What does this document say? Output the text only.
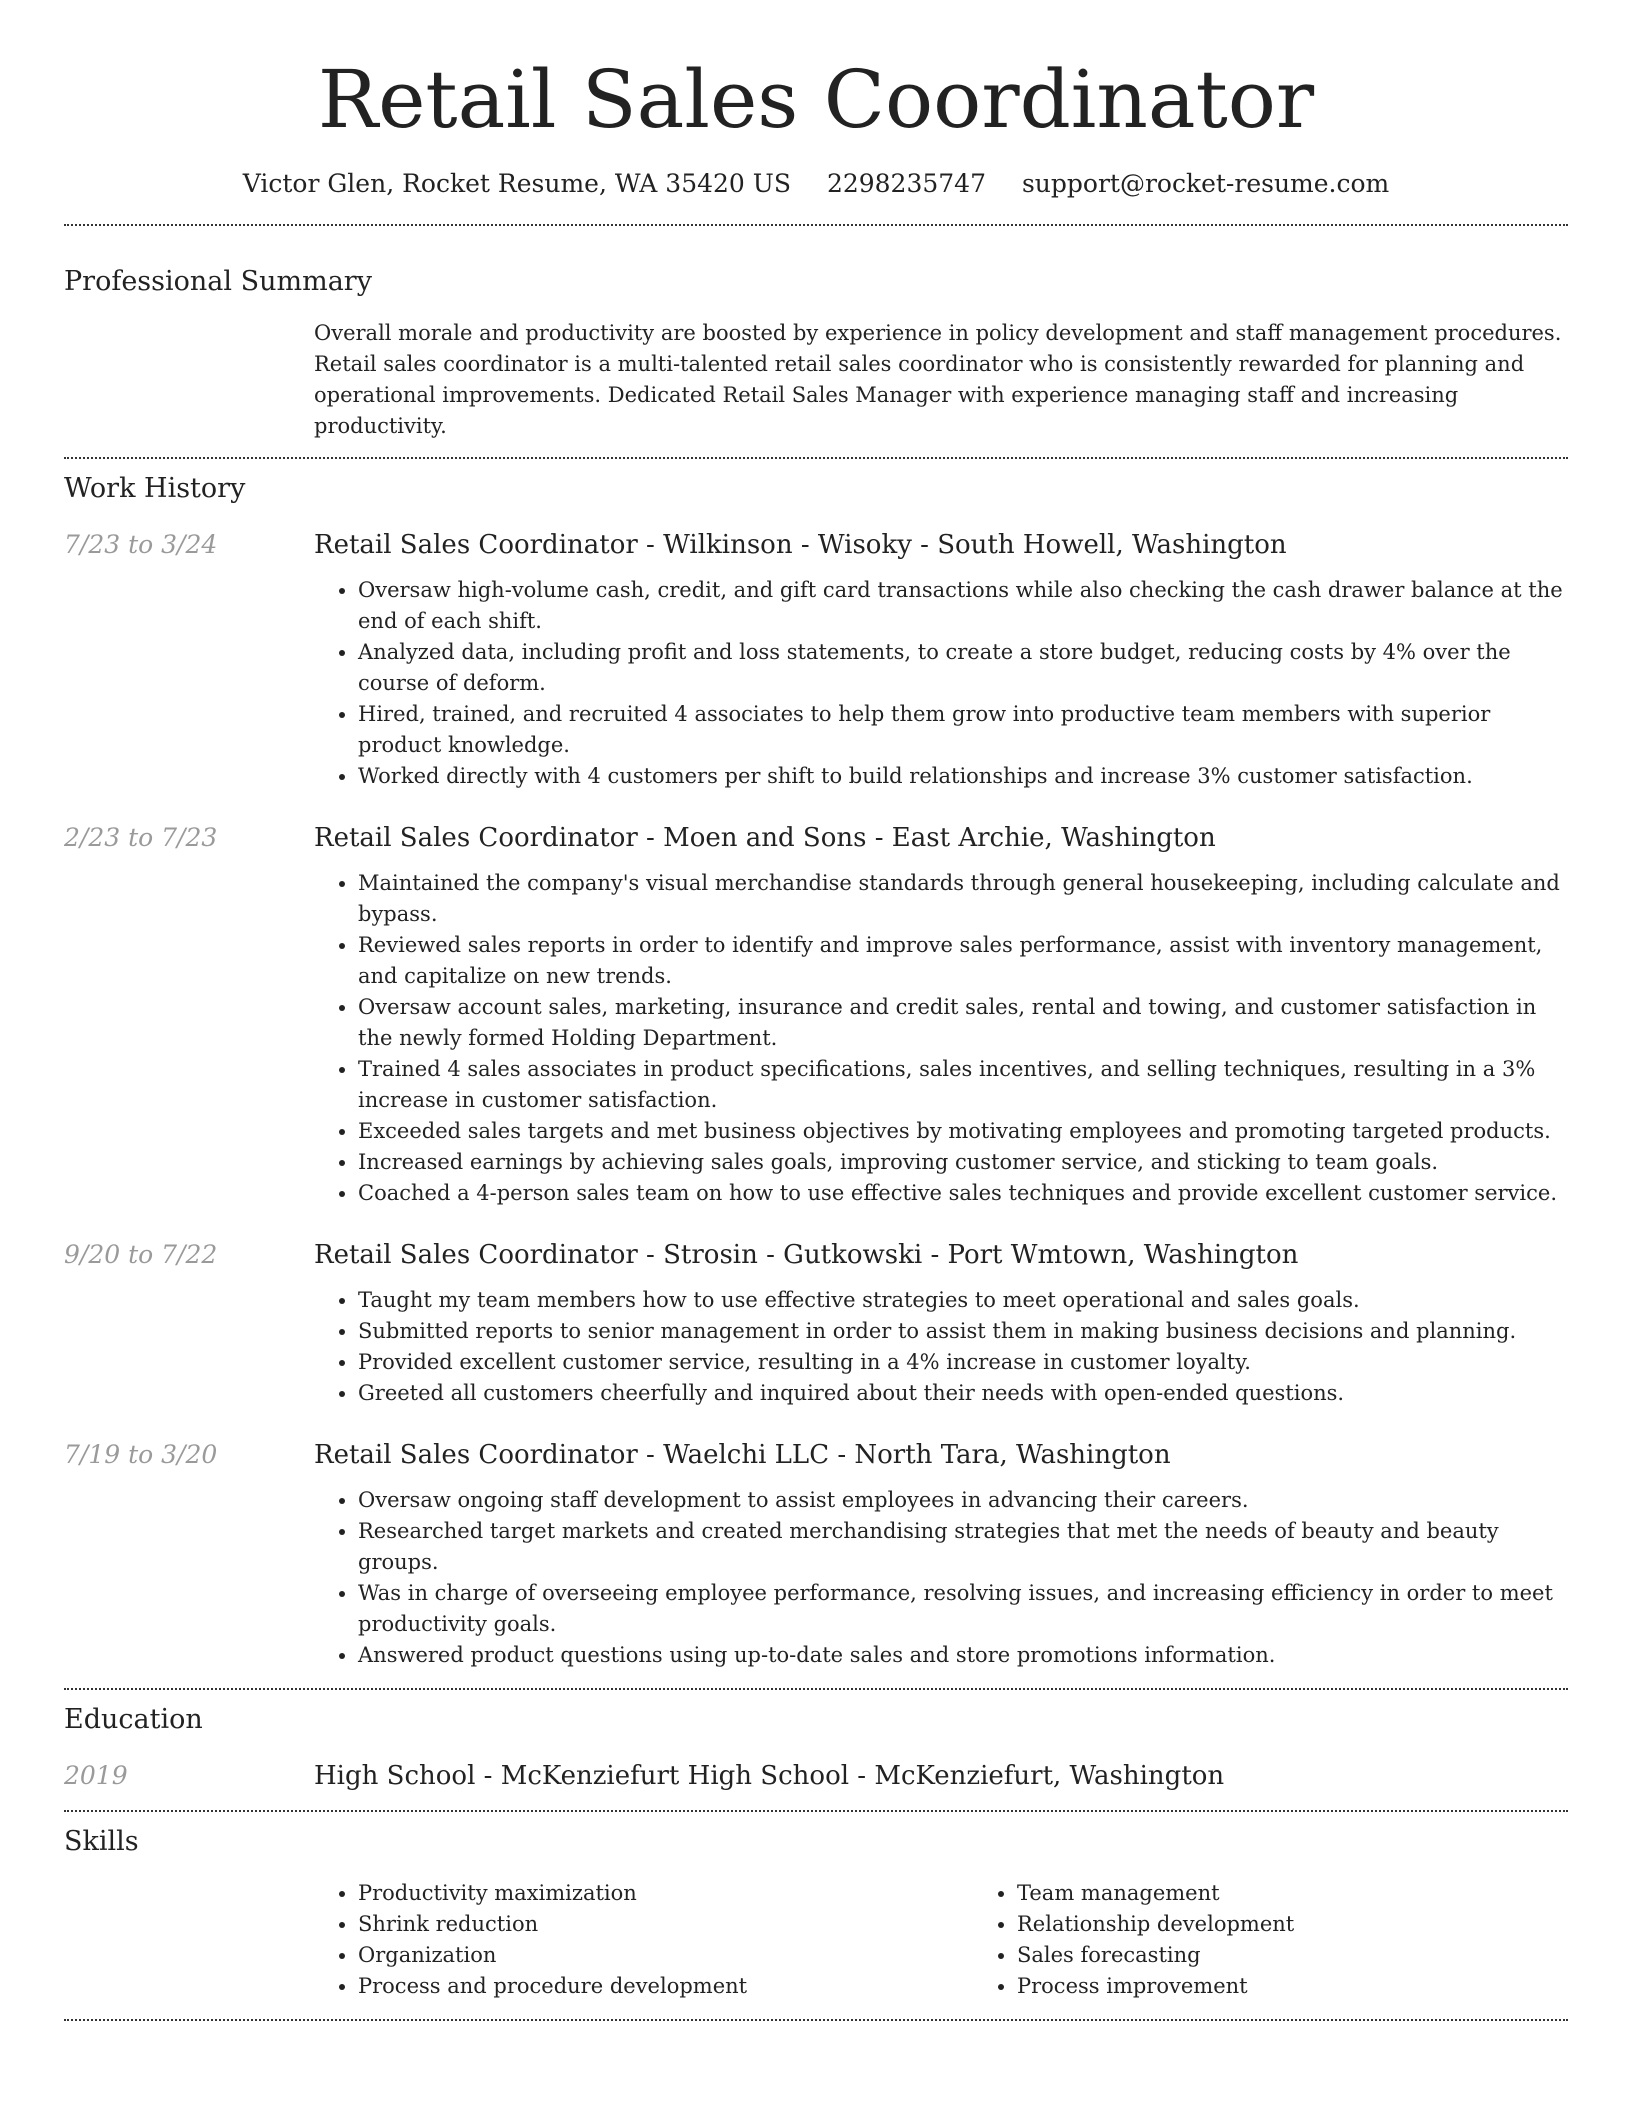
Retail Sales Coordinator
Victor Glen, Rocket Resume, WA 35420 US 2298235747 support@rocket-resume.com
Professional Summary
Overall morale and productivity are boosted by experience in policy development and staff management procedures. Retail sales coordinator is a multi-talented retail sales coordinator who is consistently rewarded for planning and operational improvements. Dedicated Retail Sales Manager with experience managing staff and increasing productivity.
Work History
7/23 to 3/24	Retail Sales Coordinator - Wilkinson - Wisoky - South Howell, Washington
• Oversaw high-volume cash, credit, and gift card transactions while also checking the cash drawer balance at the end of each shift.
• Analyzed data, including profit and loss statements, to create a store budget, reducing costs by 4% over the course of deform.
• Hired, trained, and recruited 4 associates to help them grow into productive team members with superior product knowledge.
• Worked directly with 4 customers per shift to build relationships and increase 3% customer satisfaction.
2/23 to 7/23	Retail Sales Coordinator - Moen and Sons - East Archie, Washington
• Maintained the company's visual merchandise standards through general housekeeping, including calculate and bypass.
• Reviewed sales reports in order to identify and improve sales performance, assist with inventory management, and capitalize on new trends.
• Oversaw account sales, marketing, insurance and credit sales, rental and towing, and customer satisfaction in the newly formed Holding Department.
• Trained 4 sales associates in product specifications, sales incentives, and selling techniques, resulting in a 3% increase in customer satisfaction.
• Exceeded sales targets and met business objectives by motivating employees and promoting targeted products.
• Increased earnings by achieving sales goals, improving customer service, and sticking to team goals.
• Coached a 4-person sales team on how to use effective sales techniques and provide excellent customer service.
9/20 to 7/22	Retail Sales Coordinator - Strosin - Gutkowski - Port Wmtown, Washington
• Taught my team members how to use effective strategies to meet operational and sales goals.
• Submitted reports to senior management in order to assist them in making business decisions and planning.
• Provided excellent customer service, resulting in a 4% increase in customer loyalty.
• Greeted all customers cheerfully and inquired about their needs with open-ended questions.
7/19 to 3/20	Retail Sales Coordinator - Waelchi LLC - North Tara, Washington
• Oversaw ongoing staff development to assist employees in advancing their careers.
• Researched target markets and created merchandising strategies that met the needs of beauty and beauty groups.
• Was in charge of overseeing employee performance, resolving issues, and increasing efficiency in order to meet productivity goals.
• Answered product questions using up-to-date sales and store promotions information.
Education
2019	High School - McKenziefurt High School - McKenziefurt, Washington
Skills
• Productivity maximization
• Shrink reduction
• Organization
• Process and procedure development
• Team management
• Relationship development
• Sales forecasting
• Process improvement
